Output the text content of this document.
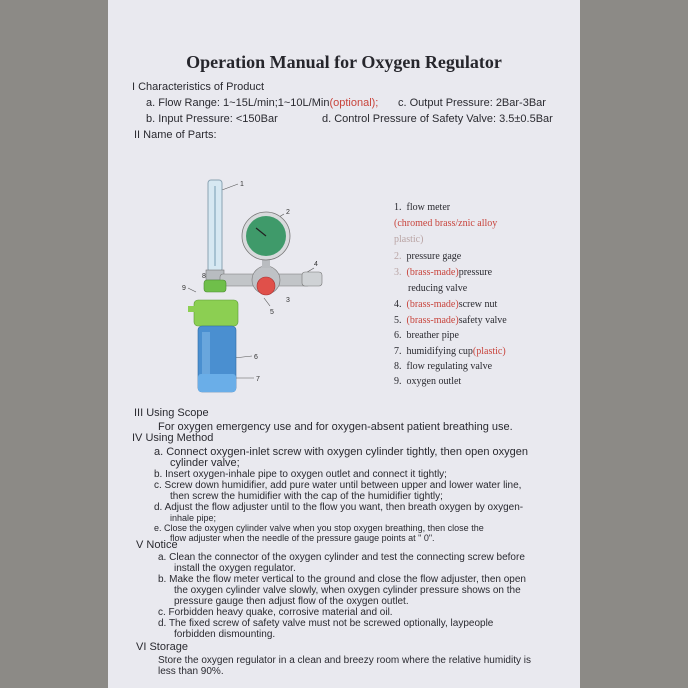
Operation Manual for Oxygen Regulator
I Characteristics of Product
a. Flow Range: 1~15L/min;1~10L/Min(optional); c. Output Pressure: 2Bar-3Bar
b. Input Pressure: <150Bar	d. Control Pressure of Safety Valve: 3.5±0.5Bar
II Name of Parts:
1
2
3
4
5
6
7
8
9
1. flow meter
(chromed brass/znic alloy
plastic)
2. pressure gage
3. (brass-made)pressure
reducing valve
4. (brass-made)screw nut
5. (brass-made)safety valve
6. breather pipe
7. humidifying cup(plastic)
8. flow regulating valve
9. oxygen outlet
III Using Scope
For oxygen emergency use and for oxygen-absent patient breathing use.
IV Using Method
a. Connect oxygen-inlet screw with oxygen cylinder tightly, then open oxygen
cylinder valve;
b. Insert oxygen-inhale pipe to oxygen outlet and connect it tightly;
c. Screw down humidifier, add pure water until between upper and lower water line,
then screw the humidifier with the cap of the humidifier tightly;
d. Adjust the flow adjuster until to the flow you want, then breath oxygen by oxygen-
inhale pipe;
e. Close the oxygen cylinder valve when you stop oxygen breathing, then close the
flow adjuster when the needle of the pressure gauge points at " 0".
V Notice
a. Clean the connector of the oxygen cylinder and test the connecting screw before
install the oxygen regulator.
b. Make the flow meter vertical to the ground and close the flow adjuster, then open
the oxygen cylinder valve slowly, when oxygen cylinder pressure shows on the
pressure gauge then adjust flow of the oxygen outlet.
c. Forbidden heavy quake, corrosive material and oil.
d. The fixed screw of safety valve must not be screwed optionally, laypeople
forbidden dismounting.
VI Storage
Store the oxygen regulator in a clean and breezy room where the relative humidity is
less than 90%.
